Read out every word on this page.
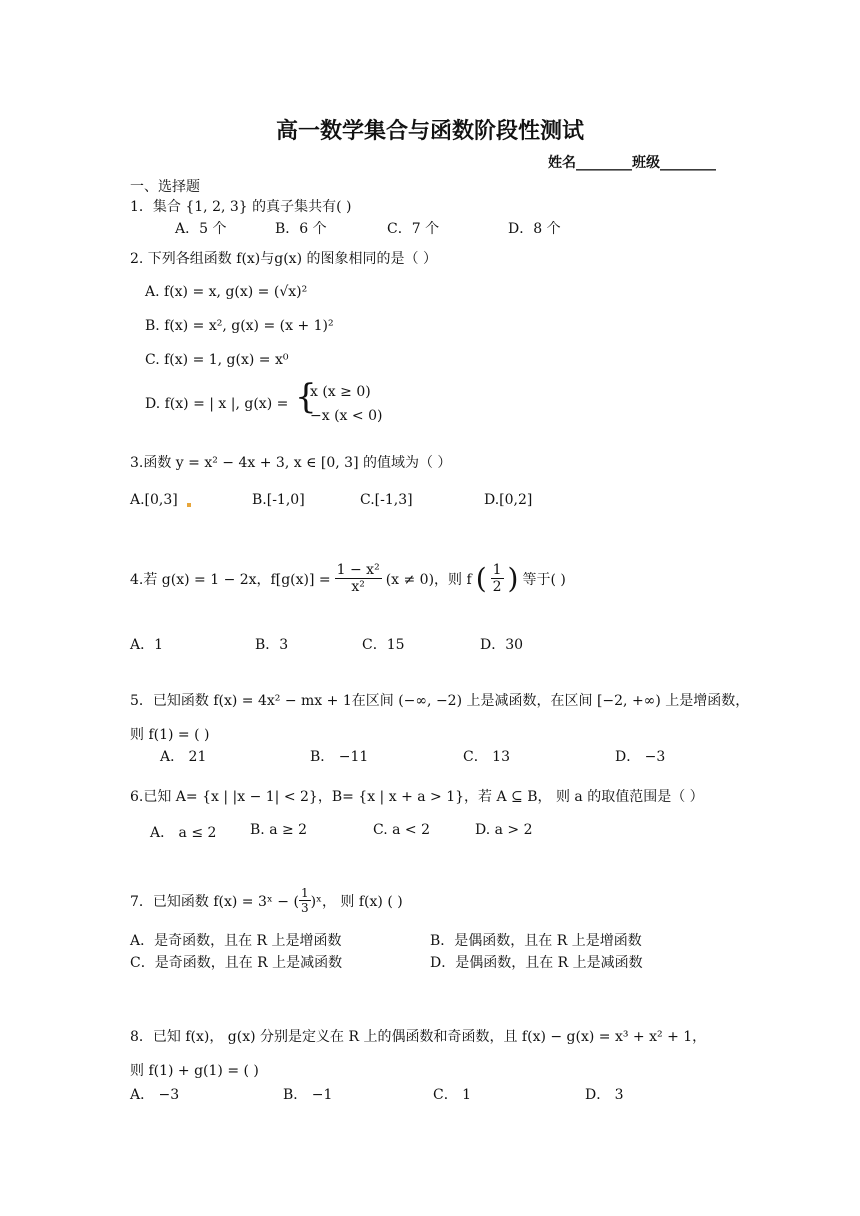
高一数学集合与函数阶段性测试
姓名________班级________
一、选择题
1．集合 {1, 2, 3} 的真子集共有( )
A．5 个	B．6 个	C．7 个	D．8 个
2. 下列各组函数 f(x)与g(x) 的图象相同的是（ ）
A. f(x) = x, g(x) = (√x)²
B. f(x) = x², g(x) = (x + 1)²
C. f(x) = 1, g(x) = x⁰
D. f(x) = | x |, g(x) = {
x (x ≥ 0)
−x (x < 0)
3.函数 y = x² − 4x + 3, x ∈ [0, 3] 的值域为（ ）
A.[0,3]	B.[-1,0]	C.[-1,3]	D.[0,2]
4.若 g(x) = 1 − 2x，$f[g(x)] = \frac{\text{1 − x²}}{\text{x²}} (x \ne 0)$，则 f ( $\frac{1}{2}$ ) 等于( )
A．1	B．3	C．15	D．30
5．已知函数 f(x) = 4x² − mx + 1在区间 (−∞, −2) 上是减函数，在区间 [−2, +∞) 上是增函数，
则 f(1) = ( )
A． 21	B． −11	C． 13	D． −3
6.已知 A= {x | |x − 1| < 2}，B= {x | x + a > 1}，若 A ⊆ B， 则 a 的取值范围是（ ）
A． a ≤ 2 B. a ≥ 2	C. a < 2	D. a > 2
7．已知函数 f(x) = 3ˣ − ( $\frac{1}{3}$ )ˣ， 则 f(x) ( )
A．是奇函数，且在 R 上是增函数	B．是偶函数，且在 R 上是增函数
C．是奇函数，且在 R 上是减函数	D．是偶函数，且在 R 上是减函数
8．已知 f(x)， g(x) 分别是定义在 R 上的偶函数和奇函数，且 f(x) − g(x) = x³ + x² + 1，
则 f(1) + g(1) = ( )
A． −3	B． −1	C． 1	D． 3
